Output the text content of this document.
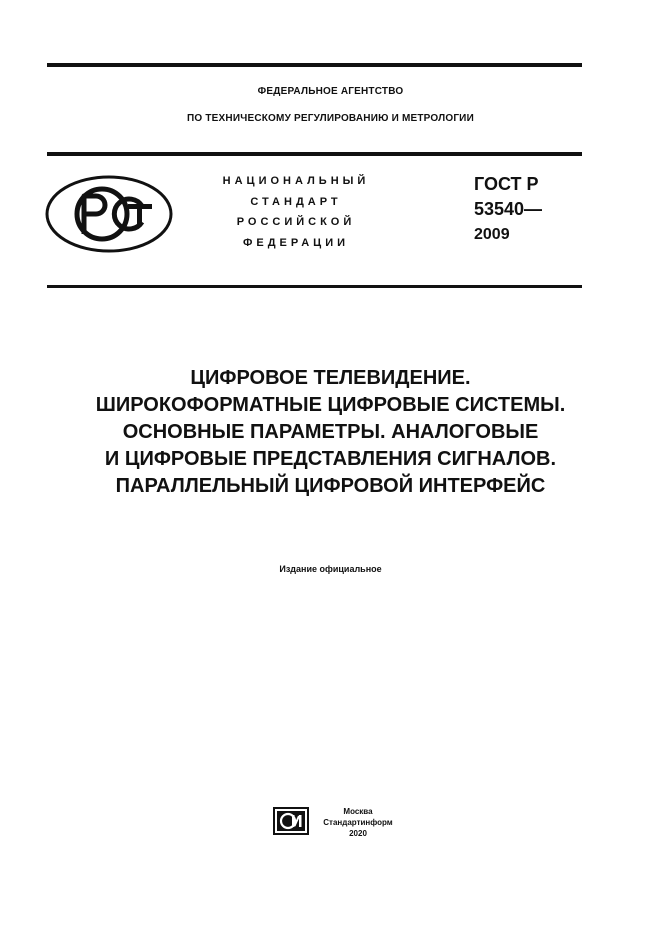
ФЕДЕРАЛЬНОЕ АГЕНТСТВО
ПО ТЕХНИЧЕСКОМУ РЕГУЛИРОВАНИЮ И МЕТРОЛОГИИ
НАЦИОНАЛЬНЫЙ
СТАНДАРТ
РОССИЙСКОЙ
ФЕДЕРАЦИИ
ГОСТ Р
53540—
2009
ЦИФРОВОЕ ТЕЛЕВИДЕНИЕ.
ШИРОКОФОРМАТНЫЕ ЦИФРОВЫЕ СИСТЕМЫ.
ОСНОВНЫЕ ПАРАМЕТРЫ. АНАЛОГОВЫЕ
И ЦИФРОВЫЕ ПРЕДСТАВЛЕНИЯ СИГНАЛОВ.
ПАРАЛЛЕЛЬНЫЙ ЦИФРОВОЙ ИНТЕРФЕЙС
Издание официальное
Москва
Стандартинформ
2020
